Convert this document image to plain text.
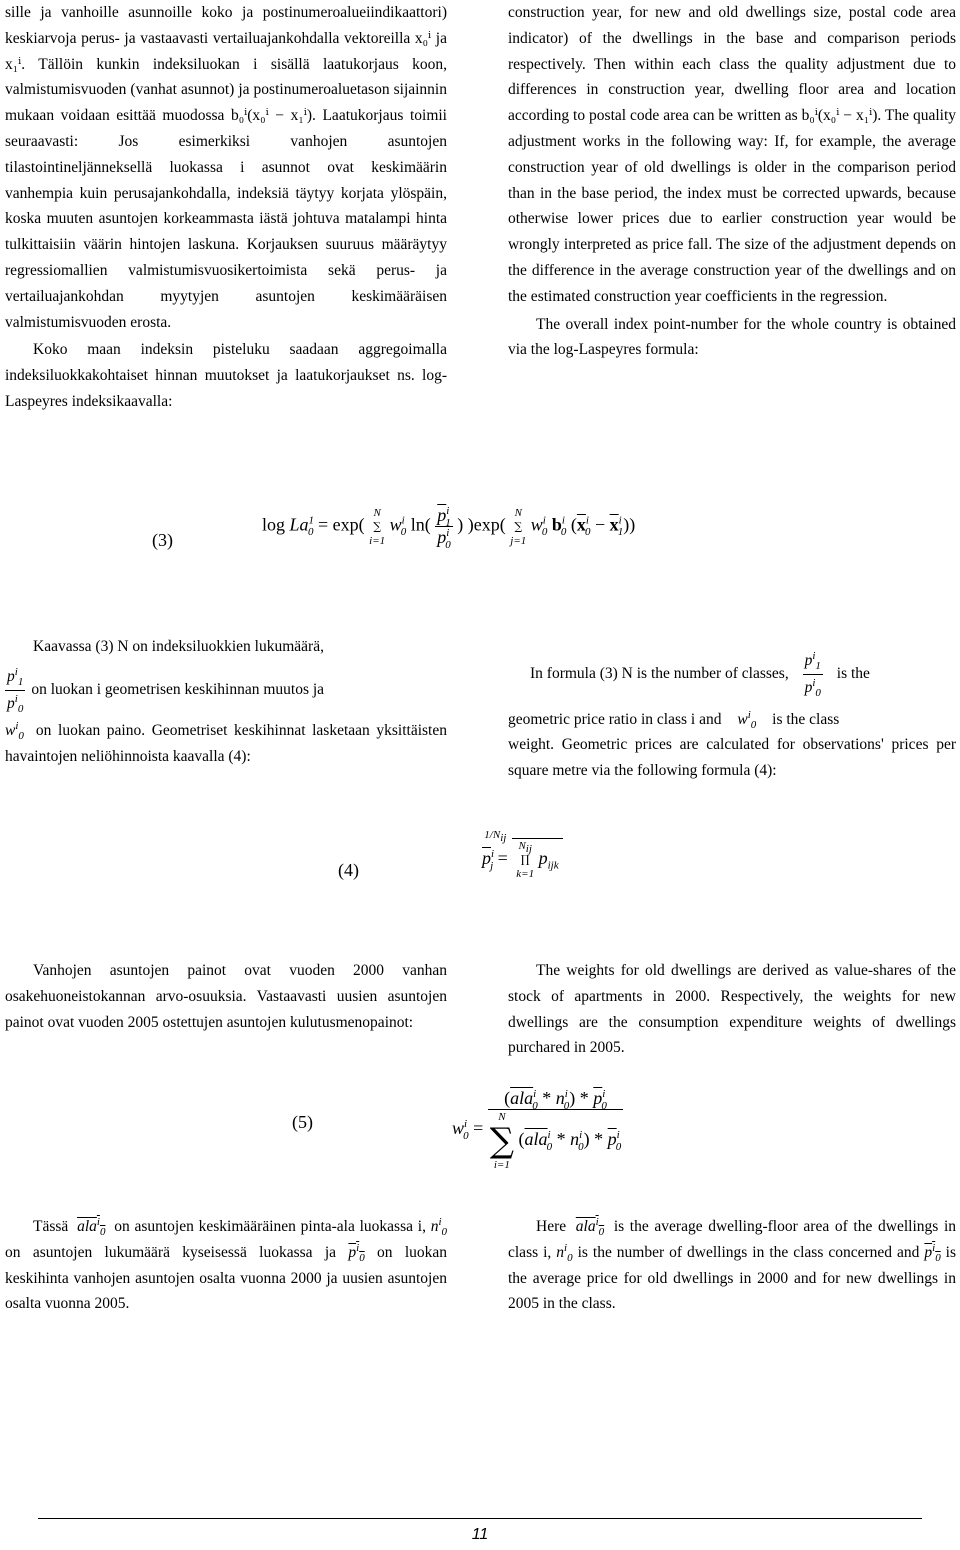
sille ja vanhoille asunnoille koko ja postinumeroalueiindikaattori) keskiarvoja perus- ja vastaavasti vertailuajankohdalla vektoreilla x₀ⁱ ja x₁ⁱ. Tällöin kunkin indeksiluokan i sisällä laatukorjaus koon, valmistumisvuoden (vanhat asunnot) ja postinumeroaluetason sijainnin mukaan voidaan esittää muodossa b₀ⁱ(x₀ⁱ − x₁ⁱ). Laatukorjaus toimii seuraavasti: Jos esimerkiksi vanhojen asuntojen tilastointineljänneksellä luokassa i asunnot ovat keskimäärin vanhempia kuin perusajankohdalla, indeksiä täytyy korjata ylöspäin, koska muuten asuntojen korkeammasta iästä johtuva matalampi hinta tulkittaisiin väärin hintojen laskuna. Korjauksen suuruus määräytyy regressiomallien valmistumisvuosikertoimista sekä perus- ja vertailuajankohdan myytyjen asuntojen keskimääräisen valmistumisvuoden erosta.

Koko maan indeksin pisteluku saadaan aggregoimalla indeksiluokkakohtaiset hinnan muutokset ja laatukorjaukset ns. log-Laspeyres indeksikaavalla:

construction year, for new and old dwellings size, postal code area indicator) of the dwellings in the base and comparison periods respectively. Then within each class the quality adjustment due to differences in construction year, dwelling floor area and location according to postal code area can be written as b₀ⁱ(x₀ⁱ − x₁ⁱ). The quality adjustment works in the following way: If, for example, the average construction year of old dwellings is older in the comparison period than in the base period, the index must be corrected upwards, because otherwise lower prices due to earlier construction year would be wrongly interpreted as price fall. The size of the adjustment depends on the difference in the average construction year of the dwellings and on the estimated construction year coefficients in the regression.

The overall index point-number for the whole country is obtained via the log-Laspeyres formula:

(3)
$\log La^1_0 = \exp$(
N
∑
i=1
$w^i_0$ $\ln( \frac{\overline{p}^i_1}{\overline{p}^i_0}$ ) )exp(
N
∑
j=1
$w^i_0$ $b^i_0$ $(\overline{x}^i_0 - \overline{x}^i_1)$)

Kaavassa (3) N on indeksiluokkien lukumäärä,

$\frac{p^i_1}{p^i_0}$ on luokan i geometrisen keskihinnan muutos ja

$w^i_0$ on luokan paino. Geometriset keskihinnat lasketaan yksittäisten havaintojen neliöhinnoista kaavalla (4):

In formula (3) N is the number of classes, $\frac{p^i_1}{p^i_0}$ is the

geometric price ratio in class i and $w^i_0$ is the class

weight. Geometric prices are calculated for observations' prices per square metre via the following formula (4):

(4)
$\overline{p}^i_j$ =
$1/N_{ij}$
$N_{ij}$
∏
k=1
$p_{ijk}$

Vanhojen asuntojen painot ovat vuoden 2000 vanhan osakehuoneistokannan arvo-osuuksia. Vastaavasti uusien asuntojen painot ovat vuoden 2005 ostettujen asuntojen kulutusmenopainot:

The weights for old dwellings are derived as value-shares of the stock of apartments in 2000. Respectively, the weights for new dwellings are the consumption expenditure weights of dwellings purchared in 2005.

(5)	$w^i_0 = (\overline{ala}^i_0 * n^i_0) * \overline{p}^i_0$
N
∑
i=1
$(\overline{ala}^i_0 * n^i_0) * \overline{p}^i_0$

Tässä ala$^i_0$ on asuntojen keskimääräinen pinta-ala luokassa i, $n^i_0$ on asuntojen lukumäärä kyseisessä luokassa ja $p^i_0$ on luokan keskihinta vanhojen asuntojen osalta vuonna 2000 ja uusien asuntojen osalta vuonna 2005.

Here ala$^i_0$ is the average dwelling-floor area of the dwellings in class i, $n^i_0$ is the number of dwellings in the class concerned and $p^i_0$ is the average price for old dwellings in 2000 and for new dwellings in 2005 in the class.

11
